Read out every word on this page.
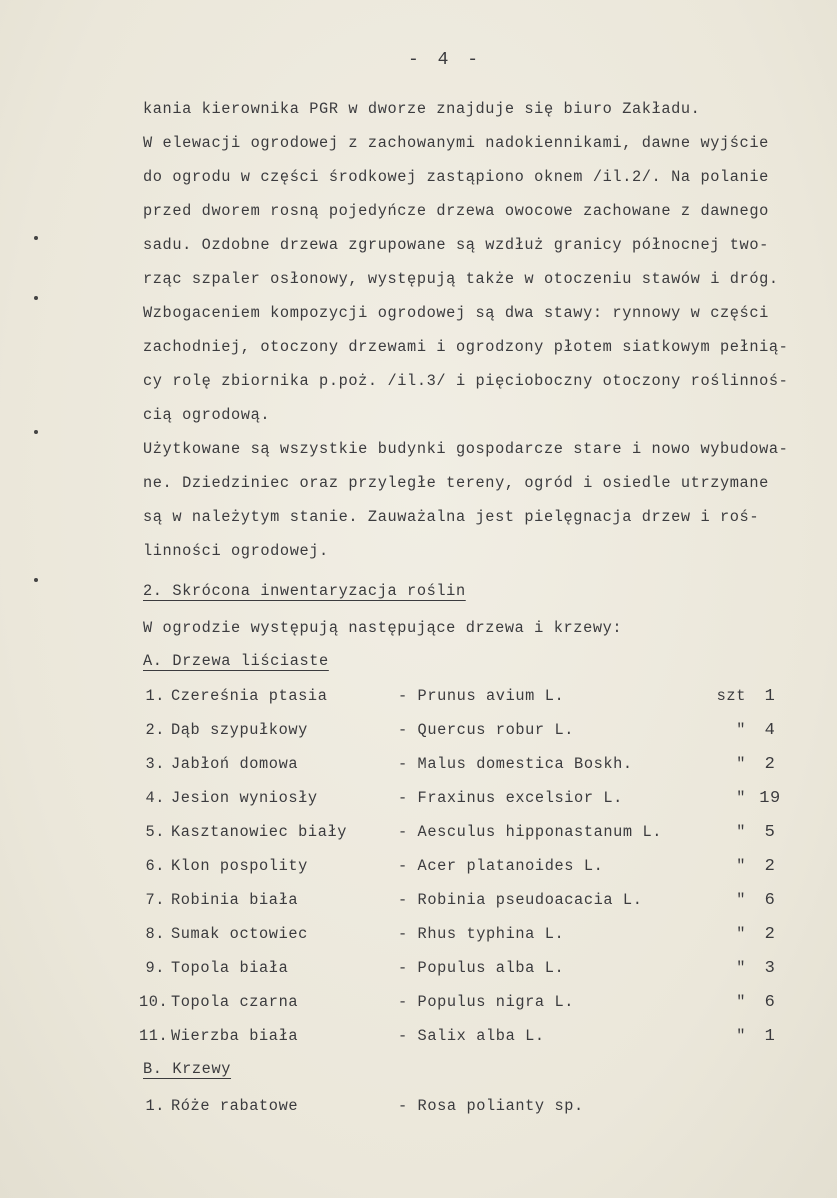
- 4 -
kania kierownika PGR w dworze znajduje się biuro Zakładu.
W elewacji ogrodowej z zachowanymi nadokiennikami, dawne wyjście
do ogrodu w części środkowej zastąpiono oknem /il.2/. Na polanie
przed dworem rosną pojedyńcze drzewa owocowe zachowane z dawnego
sadu. Ozdobne drzewa zgrupowane są wzdłuż granicy północnej two-
rząc szpaler osłonowy, występują także w otoczeniu stawów i dróg.
Wzbogaceniem kompozycji ogrodowej są dwa stawy: rynnowy w części
zachodniej, otoczony drzewami i ogrodzony płotem siatkowym pełnią-
cy rolę zbiornika p.poż. /il.3/ i pięcioboczny otoczony roślinnoś-
cią ogrodową.
Użytkowane są wszystkie budynki gospodarcze stare i nowo wybudowa-
ne. Dziedziniec oraz przyległe tereny, ogród i osiedle utrzymane
są w należytym stanie. Zauważalna jest pielęgnacja drzew i roś-
linności ogrodowej.
2. Skrócona inwentaryzacja roślin
W ogrodzie występują następujące drzewa i krzewy:
A. Drzewa liściaste
1. Czereśnia ptasia	- Prunus avium L.	szt	1
2. Dąb szypułkowy	- Quercus robur L.	"	4
3. Jabłoń domowa	- Malus domestica Boskh.	"	2
4. Jesion wyniosły	- Fraxinus excelsior L.	" 19
5. Kasztanowiec biały	- Aesculus hipponastanum L.	"	5
6. Klon pospolity	- Acer platanoides L.	"	2
7. Robinia biała	- Robinia pseudoacacia L.	"	6
8. Sumak octowiec	- Rhus typhina L.	"	2
9. Topola biała	- Populus alba L.	"	3
10. Topola czarna	- Populus nigra L.	"	6
11. Wierzba biała	- Salix alba L.	"	1
B. Krzewy
1. Róże rabatowe	- Rosa polianty sp.
